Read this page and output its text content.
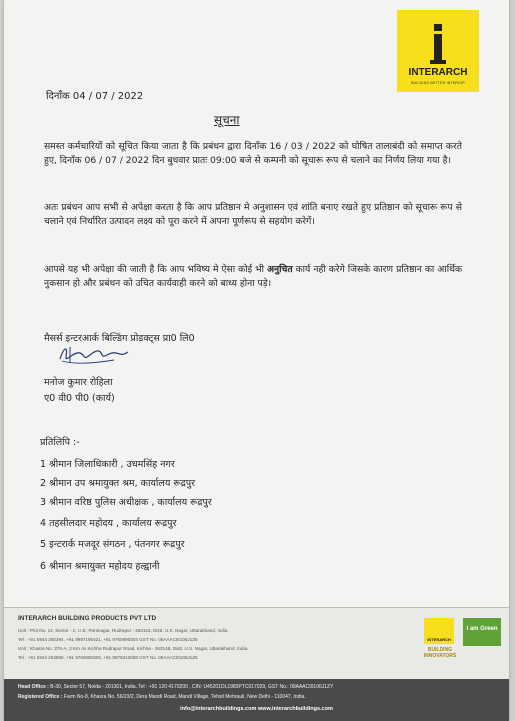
INTERARCH
BUILDING BETTER INTERIOR
दिनाँक 04 / 07 / 2022
सूचना
समस्त कर्मचारियों को सूचित किया जाता है कि प्रबंधन द्वारा दिनाँक 16 / 03 / 2022 को घोषित तालाबंदी को समाप्त करते हुए, दिनाँक 06 / 07 / 2022 दिन बुधवार प्रातः 09:00 बजे से कम्पनी को सूचारू रूप से चलाने का निर्णय लिया गया है।
अतः प्रबंधन आप सभी से अपेक्षा करता है कि आप प्रतिष्ठान मे अनुशासन एवं शांति बनाए रखते हुए प्रतिष्ठान को सूचारू रूप से चलाने एवं निर्धारित उत्पादन लक्ष्य को पूरा करने में अपना पूर्णरूप से सहयोग करेगें।
आपसे यह भी अपेक्षा की जाती है कि आप भविष्य मे ऐसा कोई भी अनुचित कार्य नही करेगे जिसके कारण प्रतिष्ठान का आर्थिक नुकसान हो और प्रबंधन को उचित कार्यवाही करने को बाध्य होना पड़े।
मैसर्स इन्टरआर्क बिल्डिंग प्रोडक्ट्स प्रा0 लि0
मनोज कुमार रोहिला
ए0 वी0 पी0 (कार्य)
प्रतिलिपि :-
1 श्रीमान जिलाधिकारी , उधमसिंह नगर
2 श्रीमान उप श्रमायुक्त श्रम, कार्यालय रूद्रपुर
3 श्रीमान वरिष्ठ पुलिस अधीक्षक , कार्यालय रूद्रपुर
4 तहसीलदार महोदय , कार्यालय रूद्रपुर
5 इन्टरार्क मजदूर संगठन , पंतनगर रूद्रपुर
6 श्रीमान श्रमायुक्त महोदय हल्द्वानी
INTERARCH BUILDING PRODUCTS PVT LTD
Unit : Plot No. 14, Sector - 2, I.I.E. Pantnagar, Rudrapur - 263153, Distt. U.S. Nagar, Uttarakhand, India.
Tel : +91 5944 250394, +91 9997195421, +91 9760690304 GST No. 05AAACI0106J1Z6
Unit : Khasra No. 276-A, 2 Km on Kichha Rudrapur Road, Kichha - 263148, Distt. U.S. Nagar, Uttarakhand, India.
Tel : +91 5944 264890, +91 9760690306, +91 8979310068 GST No. 05AAACI0106J1Z6
INTERARCH
I am Green
BUILDING INNOVATORS
Head Office : B-30, Sector 57, Noida - 201301, India. Tel : +91 120 4170200 , CIN: U45201DL1983PTC017029, GST No.: 09AAACI0106J1ZY
Registered Office : Farm No-8, Khasra No. 56/23/2, Dera Mandi Road, Mandi Village, Tehsil Mehrauli, New Delhi - 110047, India.
info@interarchbuildings.com www.interarchbuildings.com
